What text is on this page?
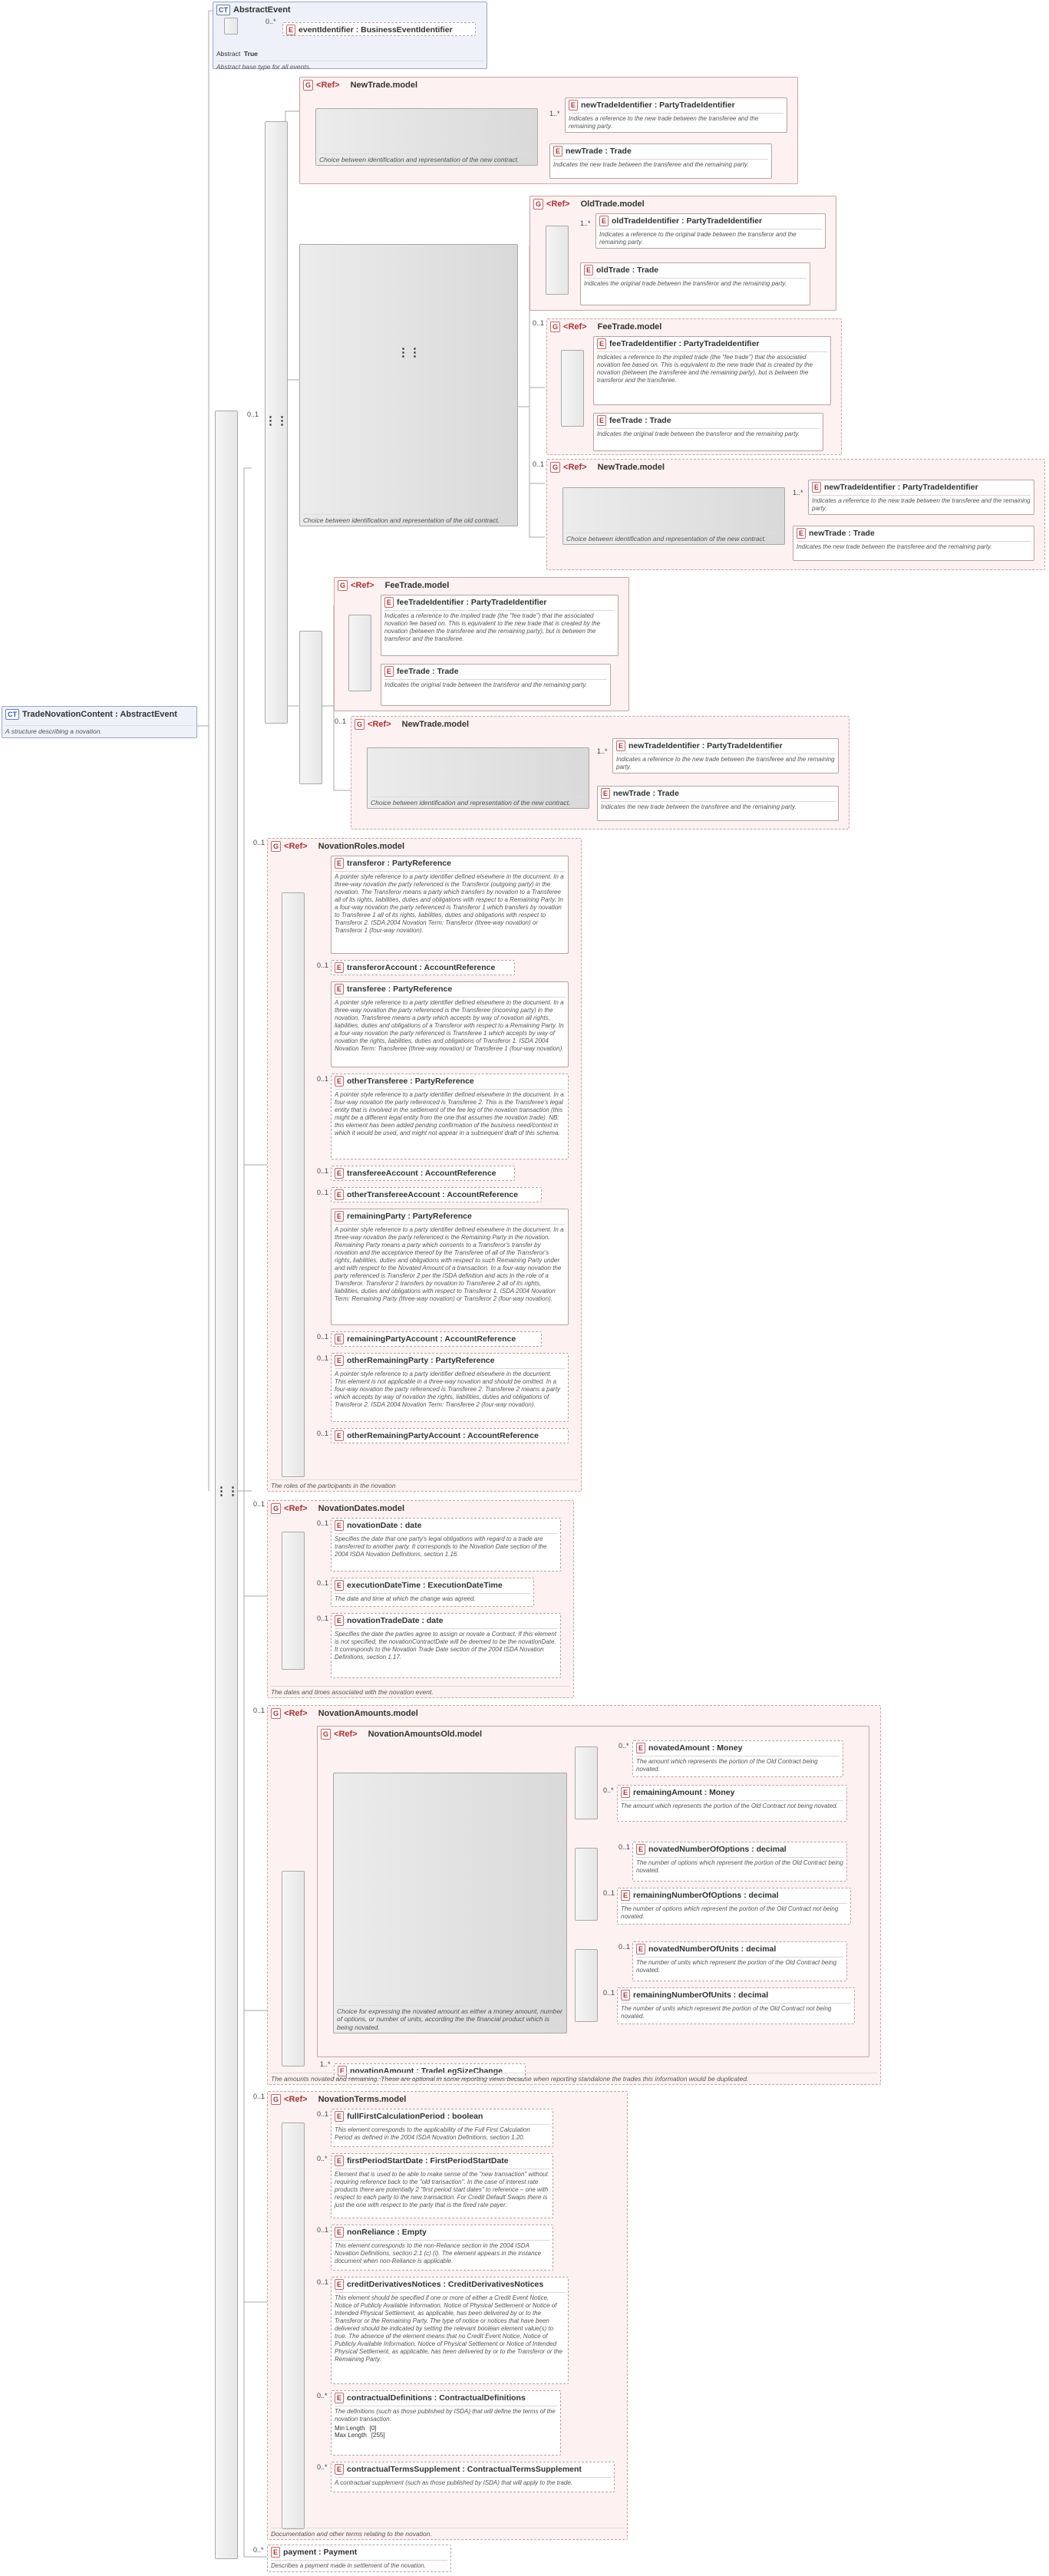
CT AbstractEvent
0..*
E eventIdentifier : BusinessEventIdentifier
Abstract True
Abstract base type for all events.
CT TradeNovationContent : AbstractEvent
A structure describing a novation.
⋮⋮
0..1 ⋮⋮
G <Ref> NewTrade.model
Choice between identification and representation of the new contract.
1..*
E newTradeIdentifier : PartyTradeIdentifier
Indicates a reference to the new trade between the transferee and the remaining party.
E newTrade : Trade
Indicates the new trade between the transferee and the remaining party.
⋮⋮
Choice between identification and representation of the old contract.
G <Ref> OldTrade.model
1..*	E oldTradeIdentifier : PartyTradeIdentifier
Indicates a reference to the original trade between the transferor and the remaining party.
E oldTrade : Trade
Indicates the original trade between the transferor and the remaining party.
0..1	G <Ref> FeeTrade.model
E feeTradeIdentifier : PartyTradeIdentifier
Indicates a reference to the implied trade (the "fee trade") that the associated novation fee based on. This is equivalent to the new trade that is created by the novation (between the transferee and the remaining party), but is between the transferor and the transferee.
E feeTrade : Trade
Indicates the original trade between the transferor and the remaining party.
0..1	G <Ref> NewTrade.model
Choice between identification and representation of the new contract.
1..*
E newTradeIdentifier : PartyTradeIdentifier
Indicates a reference to the new trade between the transferee and the remaining party.
E newTrade : Trade
Indicates the new trade between the transferee and the remaining party.
G <Ref> FeeTrade.model
E feeTradeIdentifier : PartyTradeIdentifier
Indicates a reference to the implied trade (the "fee trade") that the associated novation fee based on. This is equivalent to the new trade that is created by the novation (between the transferee and the remaining party), but is between the transferor and the transferee.
E feeTrade : Trade
Indicates the original trade between the transferor and the remaining party.
0..1	G <Ref> NewTrade.model
Choice between identification and representation of the new contract.
1..*
E newTradeIdentifier : PartyTradeIdentifier
Indicates a reference to the new trade between the transferee and the remaining party.
E newTrade : Trade
Indicates the new trade between the transferee and the remaining party.
0..1	G <Ref> NovationRoles.model
E transferor : PartyReference
A pointer style reference to a party identifier defined elsewhere in the document. In a three-way novation the party referenced is the Transferor (outgoing party) in the novation. The Transferor means a party which transfers by novation to a Transferee all of its rights, liabilities, duties and obligations with respect to a Remaining Party. In a four-way novation the party referenced is Transferor 1 which transfers by novation to Transferee 1 all of its rights, liabilities, duties and obligations with respect to Transferor 2. ISDA 2004 Novation Term: Transferor (three-way novation) or Transferor 1 (four-way novation).
0..1	E transferorAccount : AccountReference
E transferee : PartyReference
A pointer style reference to a party identifier defined elsewhere in the document. In a three-way novation the party referenced is the Transferee (incoming party) in the novation. Transferee means a party which accepts by way of novation all rights, liabilities, duties and obligations of a Transferor with respect to a Remaining Party. In a four-way novation the party referenced is Transferee 1 which accepts by way of novation the rights, liabilities, duties and obligations of Transferor 1. ISDA 2004 Novation Term: Transferee (three-way novation) or Transferee 1 (four-way novation).
0..1	E otherTransferee : PartyReference
A pointer style reference to a party identifier defined elsewhere in the document. In a four-way novation the party referenced is Transferee 2. This is the Transferee's legal entity that is involved in the settlement of the fee leg of the novation transaction (this might be a different legal entity from the one that assumes the novation trade). NB: this element has been added pending confirmation of the business need/context in which it would be used, and might not appear in a subsequent draft of this schema.
0..1	E transfereeAccount : AccountReference
0..1	E otherTransfereeAccount : AccountReference
E remainingParty : PartyReference
A pointer style reference to a party identifier defined elsewhere in the document. In a three-way novation the party referenced is the Remaining Party in the novation. Remaining Party means a party which consents to a Transferor's transfer by novation and the acceptance thereof by the Transferee of all of the Transferor's rights, liabilities, duties and obligations with respect to such Remaining Party under and with respect to the Novated Amount of a transaction. In a four-way novation the party referenced is Transferor 2 per the ISDA definition and acts in the role of a Transferor. Transferor 2 transfers by novation to Transferee 2 all of its rights, liabilities, duties and obligations with respect to Transferor 1. ISDA 2004 Novation Term: Remaining Party (three-way novation) or Transferor 2 (four-way novation).
0..1	E remainingPartyAccount : AccountReference
0..1	E otherRemainingParty : PartyReference
A pointer style reference to a party identifier defined elsewhere in the document. This element is not applicable in a three-way novation and should be omitted. In a four-way novation the party referenced is Transferee 2. Transferee 2 means a party which accepts by way of novation the rights, liabilities, duties and obligations of Transferor 2. ISDA 2004 Novation Term: Transferee 2 (four-way novation).
0..1	E otherRemainingPartyAccount : AccountReference
The roles of the participants in the novation
0..1
G <Ref> NovationDates.model
0..1	E novationDate : date
Specifies the date that one party's legal obligations with regard to a trade are transferred to another party. It corresponds to the Novation Date section of the 2004 ISDA Novation Definitions, section 1.16.
0..1	E executionDateTime : ExecutionDateTime
The date and time at which the change was agreed.
0..1	E novationTradeDate : date
Specifies the date the parties agree to assign or novate a Contract. If this element is not specified, the novationContractDate will be deemed to be the novationDate. It corresponds to the Novation Trade Date section of the 2004 ISDA Novation Definitions, section 1.17.
The dates and times associated with the novation event.
0..1	G <Ref> NovationAmounts.model
G <Ref> NovationAmountsOld.model
Choice for expressing the novated amount as either a money amount, number of options, or number of units, according the the financial product which is being novated.
0..*	E novatedAmount : Money
The amount which represents the portion of the Old Contract being novated.
0..*	E remainingAmount : Money
The amount which represents the portion of the Old Contract not being novated.
0..1	E novatedNumberOfOptions : decimal
The number of options which represent the portion of the Old Contract being novated.
0..1	E remainingNumberOfOptions : decimal
The number of options which represent the portion of the Old Contract not being novated.
0..1	E novatedNumberOfUnits : decimal
The number of units which represent the portion of the Old Contract being novated.
0..1	E remainingNumberOfUnits : decimal
The number of units which represent the portion of the Old Contract not being novated.
1..*
E novationAmount : TradeLegSizeChange
The amounts novated and remaining. These are optional in some reporting views because when reporting standalone the trades this information would be duplicated.
0..1	G <Ref> NovationTerms.model
0..1	E fullFirstCalculationPeriod : boolean
This element corresponds to the applicability of the Full First Calculation Period as defined in the 2004 ISDA Novation Definitions, section 1.20.
0..*	E firstPeriodStartDate : FirstPeriodStartDate
Element that is used to be able to make sense of the "new transaction" without requiring reference back to the "old transaction". In the case of interest rate products there are potentially 2 "first period start dates" to reference – one with respect to each party to the new transaction. For Credit Default Swaps there is just the one with respect to the party that is the fixed rate payer.
0..1	E nonReliance : Empty
This element corresponds to the non-Reliance section in the 2004 ISDA Novation Definitions, section 2.1 (c) (i). The element appears in the instance document when non-Reliance is applicable.
0..1	E creditDerivativesNotices : CreditDerivativesNotices
This element should be specified if one or more of either a Credit Event Notice, Notice of Publicly Available Information, Notice of Physical Settlement or Notice of Intended Physical Settlement, as applicable, has been delivered by or to the Transferor or the Remaining Party. The type of notice or notices that have been delivered should be indicated by setting the relevant boolean element value(s) to true. The absence of the element means that no Credit Event Notice, Notice of Publicly Available Information, Notice of Physical Settlement or Notice of Intended Physical Settlement, as applicable, has been delivered by or to the Transferor or the Remaining Party.
0..*	E contractualDefinitions : ContractualDefinitions
The definitions (such as those published by ISDA) that will define the terms of the novation transaction.
Min Length [0]
Max Length [255]
0..*	E contractualTermsSupplement : ContractualTermsSupplement
A contractual supplement (such as those published by ISDA) that will apply to the trade.
Documentation and other terms relating to the novation.
0..*	E payment : Payment
Describes a payment made in settlement of the novation.
